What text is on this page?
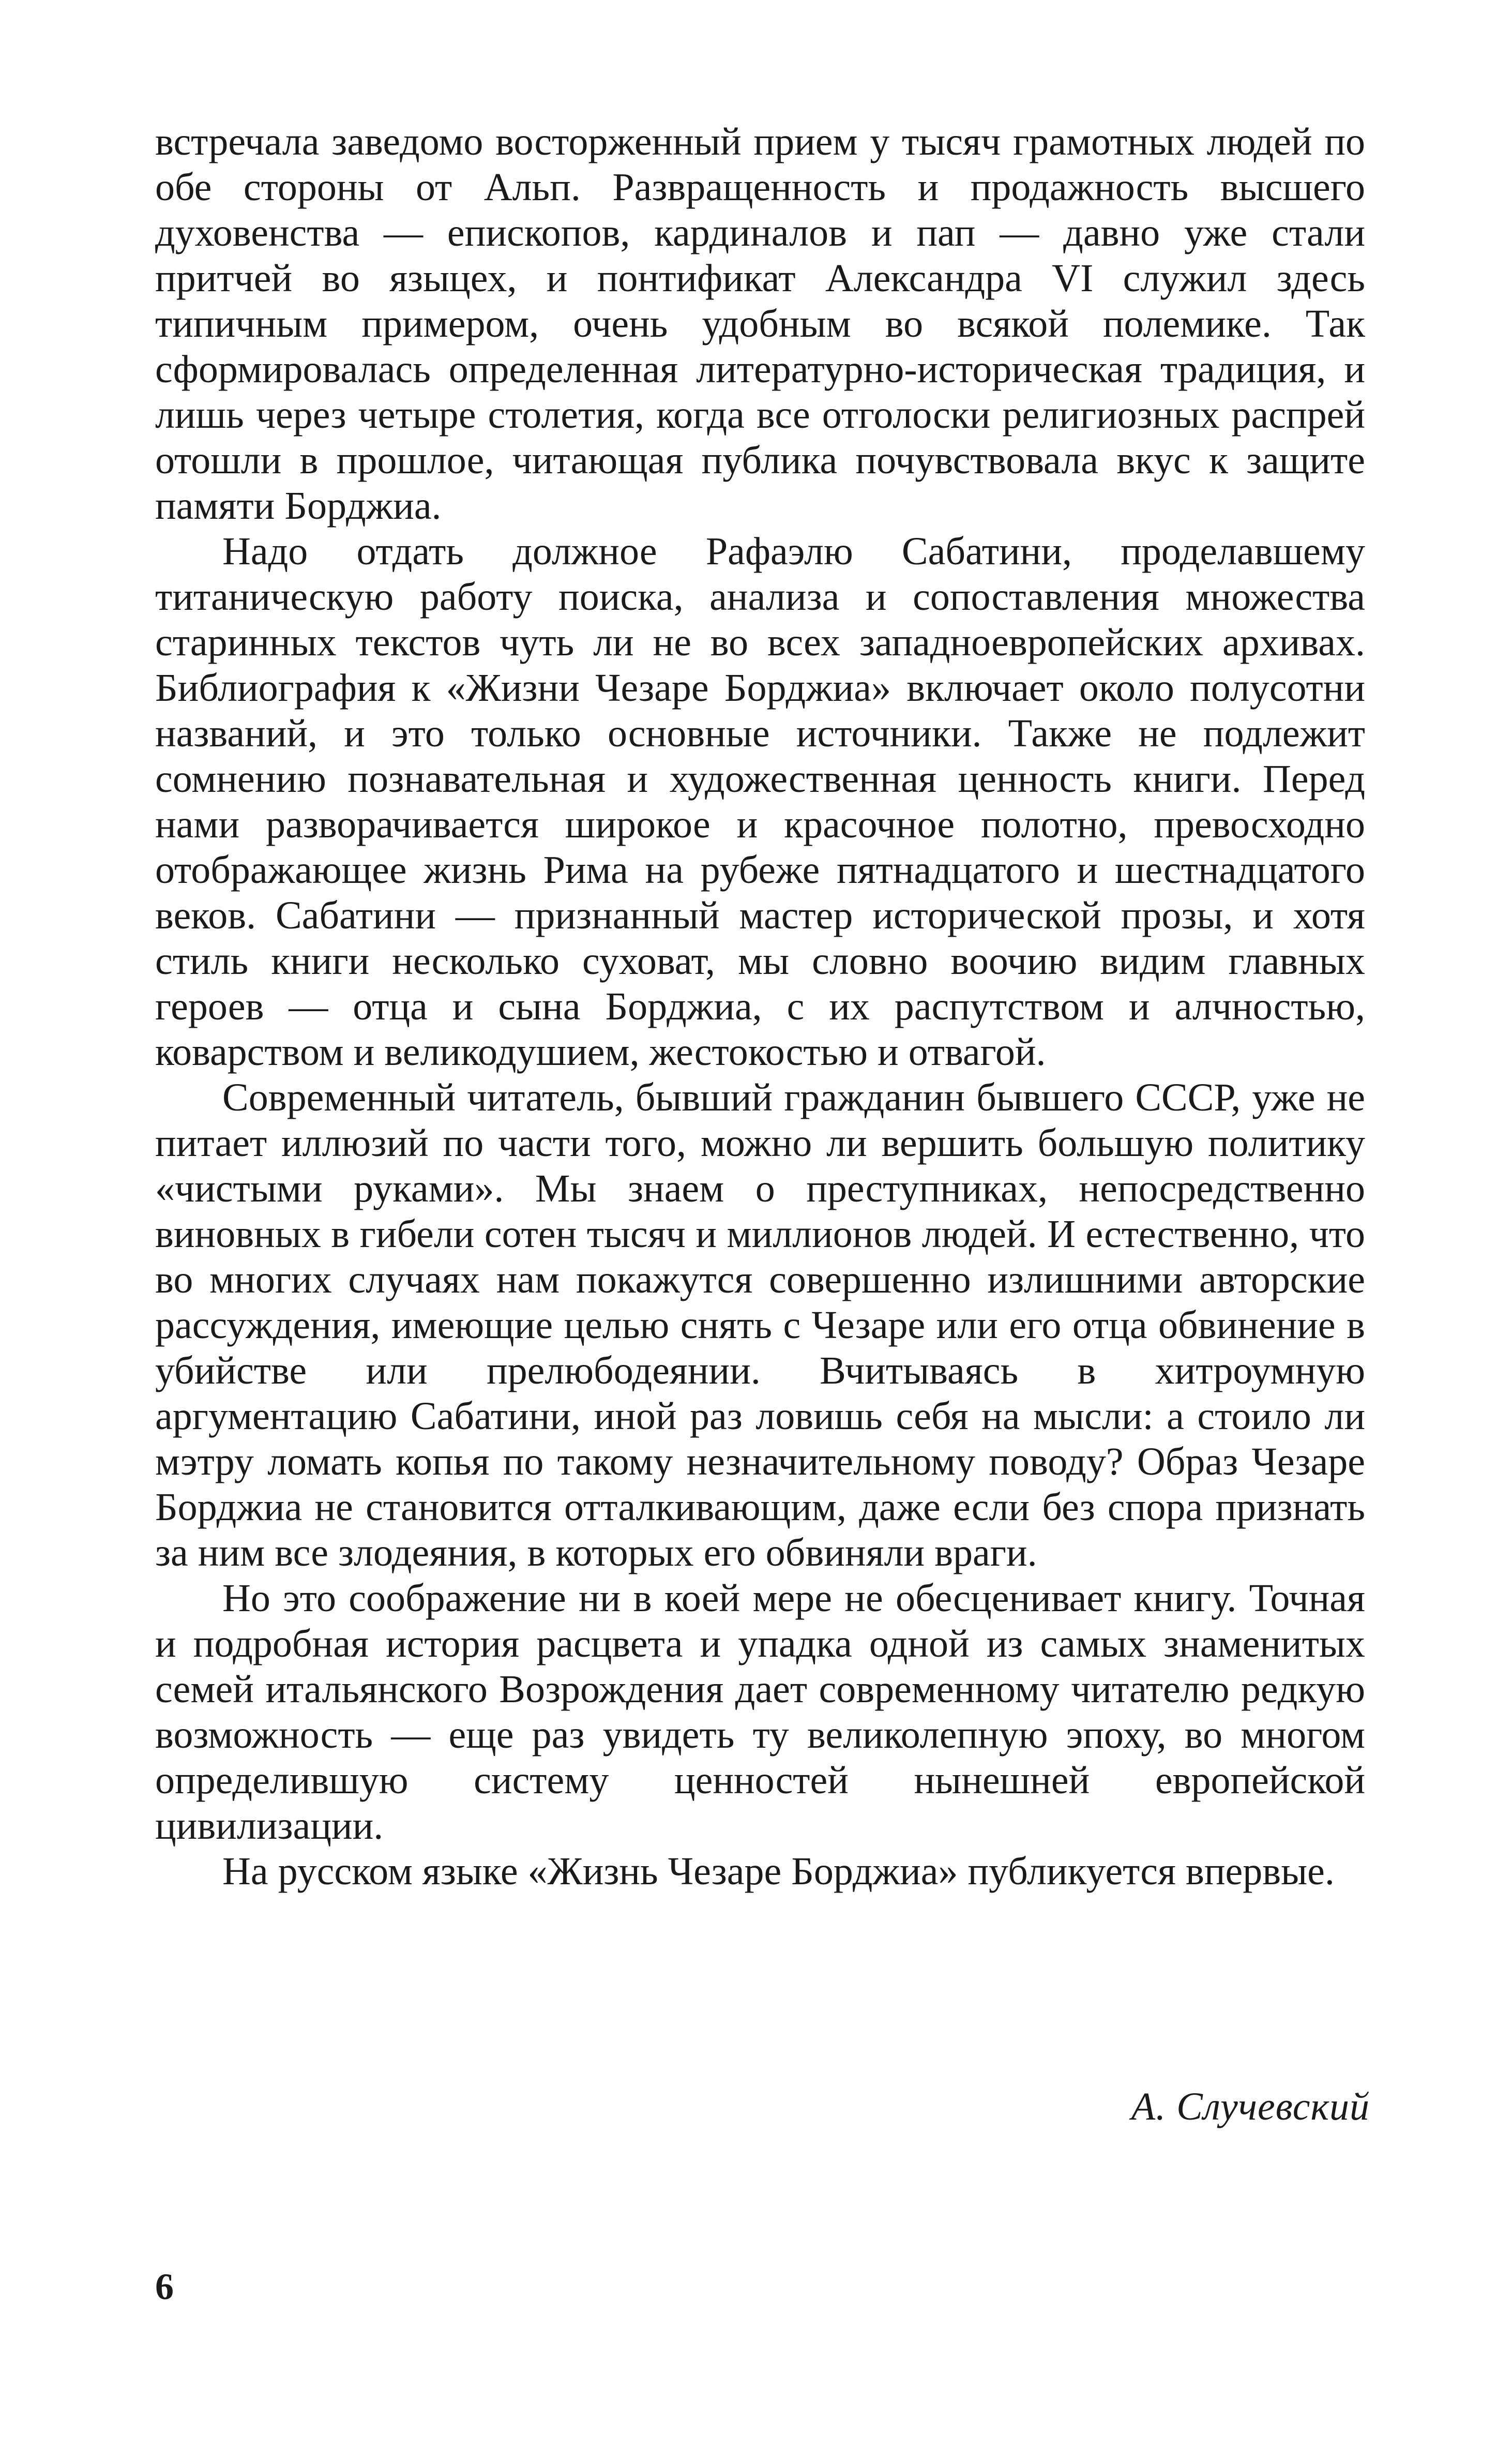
встречала заведомо восторженный прием у тысяч грамотных людей по обе стороны от Альп. Развращенность и продажность высшего духовенства — епископов, кардиналов и пап — давно уже стали притчей во языцех, и понтификат Александра VI служил здесь типичным примером, очень удобным во всякой полемике. Так сформировалась определенная литературно-историческая традиция, и лишь через четыре столетия, когда все отголоски религиозных распрей отошли в прошлое, читающая публика почувствовала вкус к защите памяти Борджиа.

Надо отдать должное Рафаэлю Сабатини, проделавшему титаническую работу поиска, анализа и сопоставления множества старинных текстов чуть ли не во всех западноевропейских архивах. Библиография к «Жизни Чезаре Борджиа» включает около полусотни названий, и это только основные источники. Также не подлежит сомнению познавательная и художественная ценность книги. Перед нами разворачивается широкое и красочное полотно, превосходно отображающее жизнь Рима на рубеже пятнадцатого и шестнадцатого веков. Сабатини — признанный мастер исторической прозы, и хотя стиль книги несколько суховат, мы словно воочию видим главных героев — отца и сына Борджиа, с их распутством и алчностью, коварством и великодушием, жестокостью и отвагой.

Современный читатель, бывший гражданин бывшего СССР, уже не питает иллюзий по части того, можно ли вершить большую политику «чистыми руками». Мы знаем о преступниках, непосредственно виновных в гибели сотен тысяч и миллионов людей. И естественно, что во многих случаях нам покажутся совершенно излишними авторские рассуждения, имеющие целью снять с Чезаре или его отца обвинение в убийстве или прелюбодеянии. Вчитываясь в хитроумную аргументацию Сабатини, иной раз ловишь себя на мысли: а стоило ли мэтру ломать копья по такому незначительному поводу? Образ Чезаре Борджиа не становится отталкивающим, даже если без спора признать за ним все злодеяния, в которых его обвиняли враги.

Но это соображение ни в коей мере не обесценивает книгу. Точная и подробная история расцвета и упадка одной из самых знаменитых семей итальянского Возрождения дает современному читателю редкую возможность — еще раз увидеть ту великолепную эпоху, во многом определившую систему ценностей нынешней европейской цивилизации.

На русском языке «Жизнь Чезаре Борджиа» публикуется впервые.

А. Случевский
6
